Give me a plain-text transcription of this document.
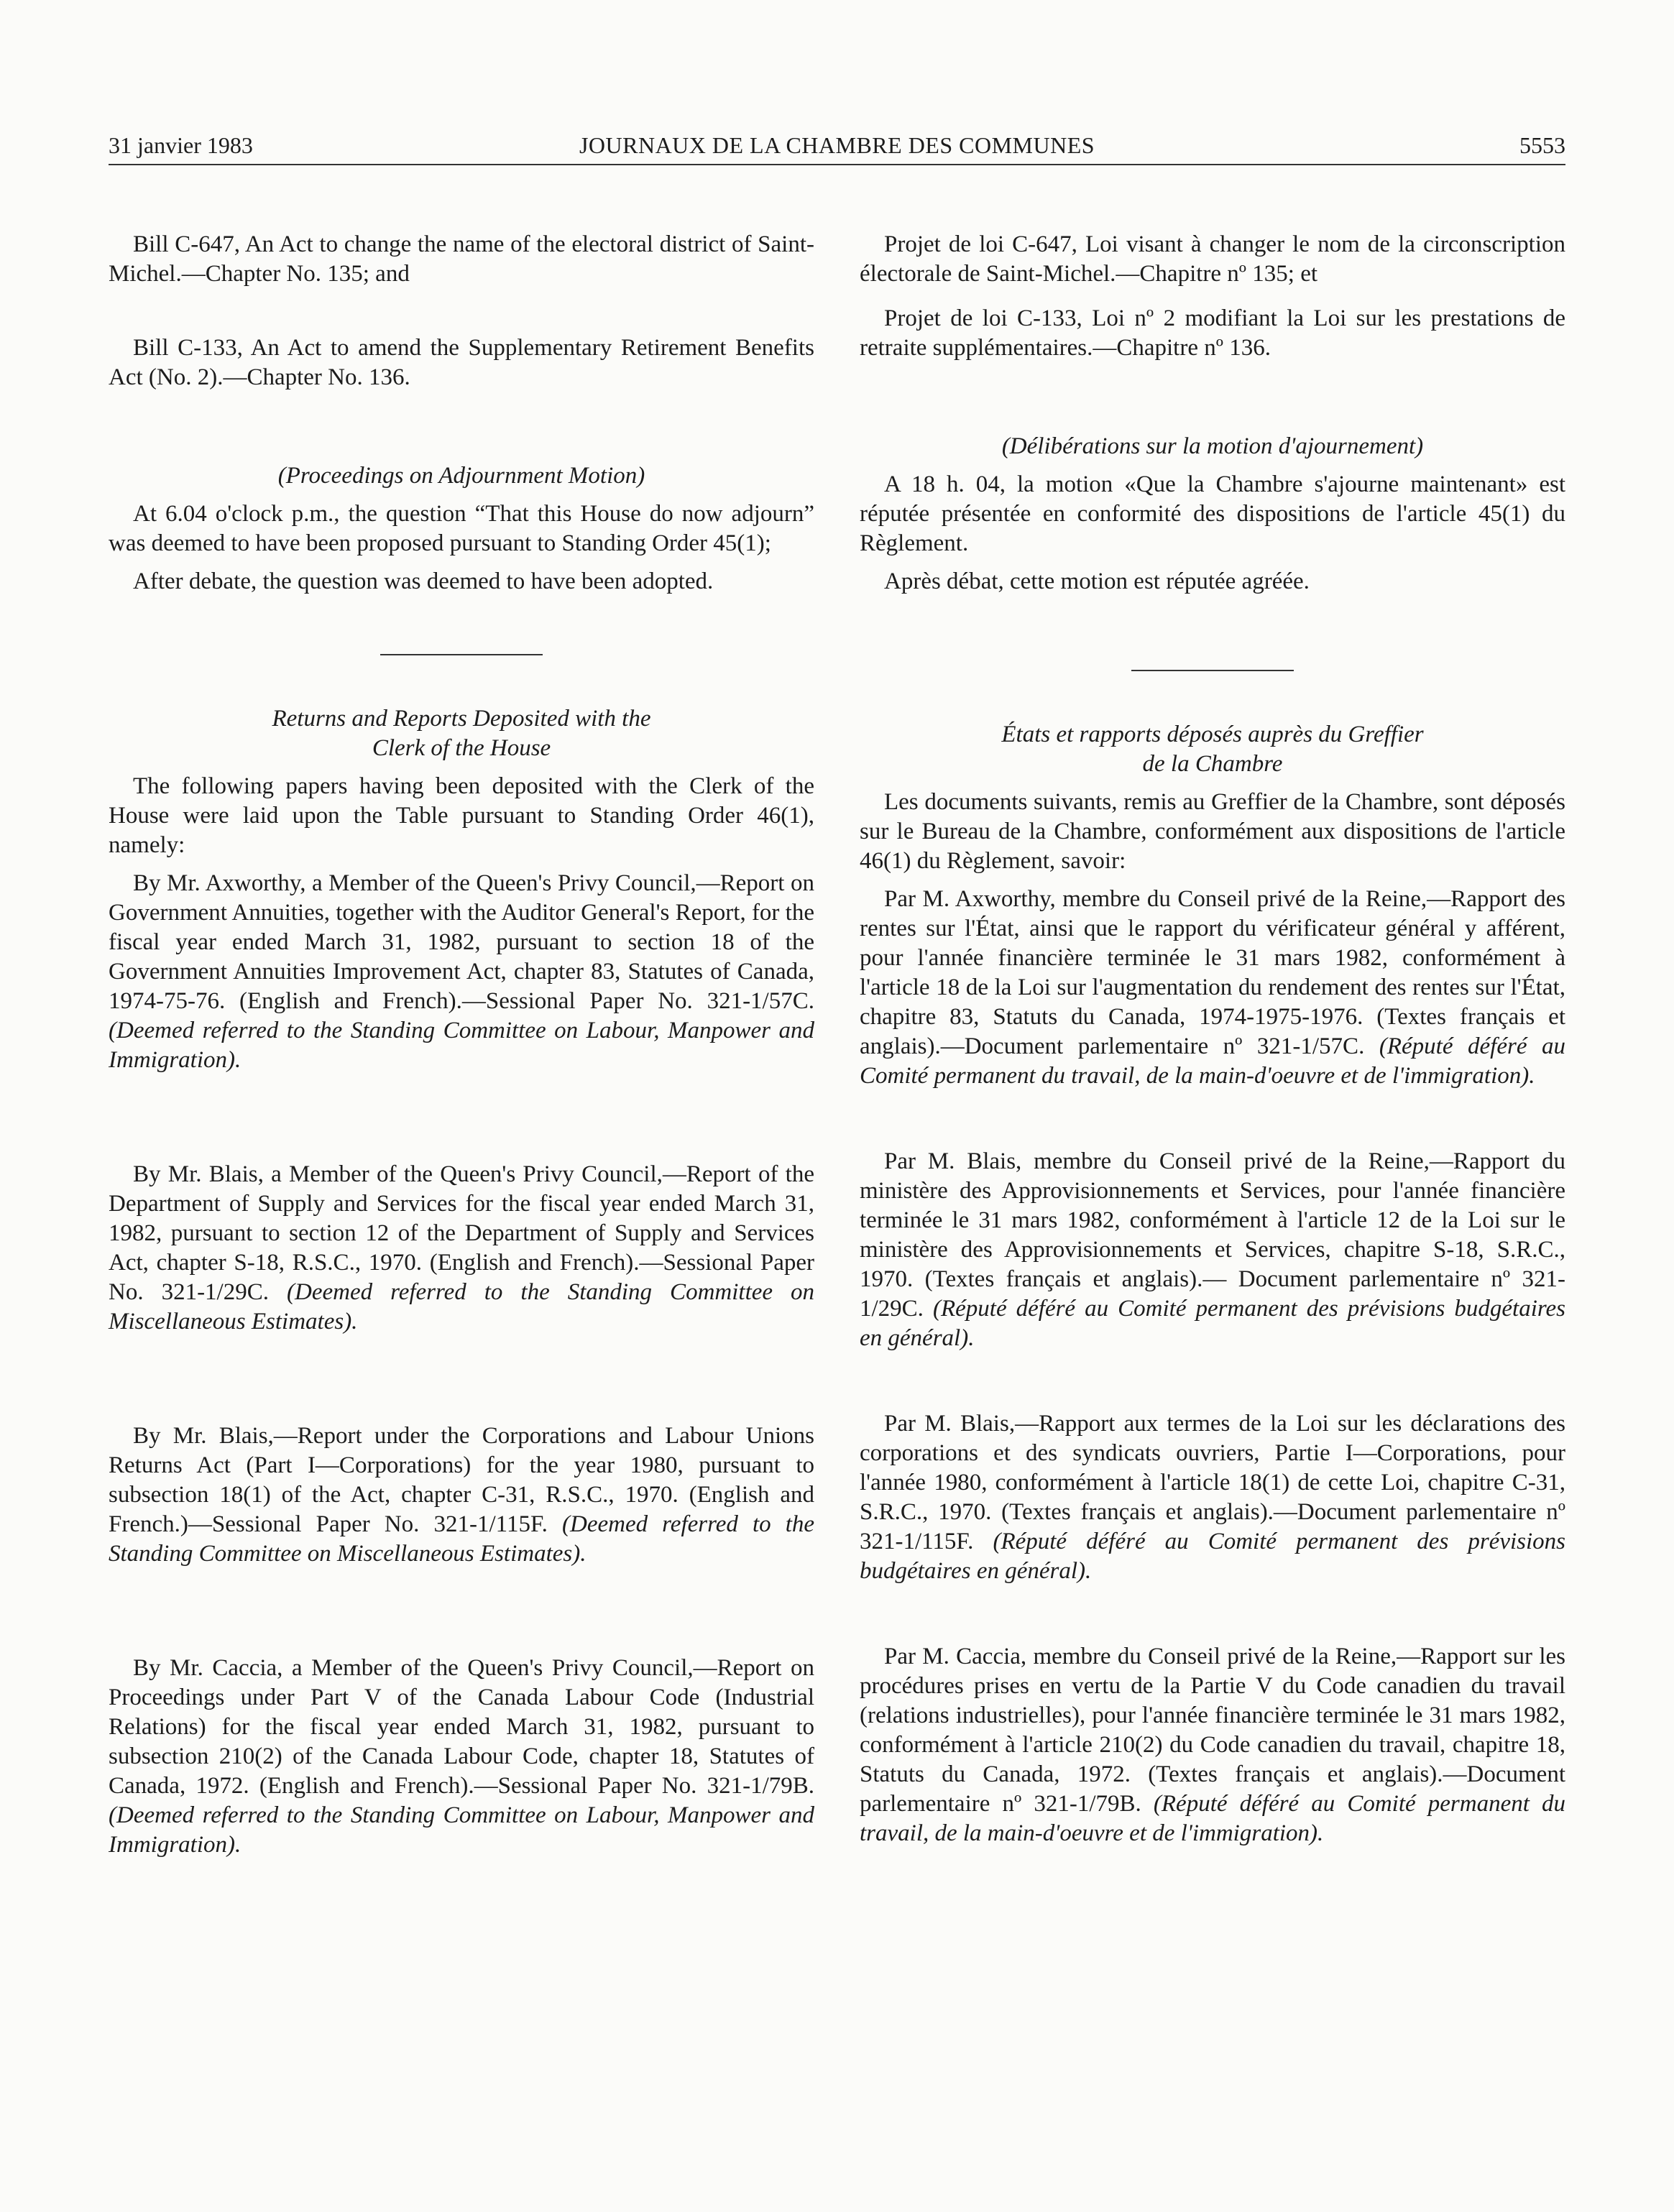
31 janvier 1983	JOURNAUX DE LA CHAMBRE DES COMMUNES	5553

Bill C-647, An Act to change the name of the electoral district of Saint-Michel.—Chapter No. 135; and

Bill C-133, An Act to amend the Supplementary Retirement Benefits Act (No. 2).—Chapter No. 136.

(Proceedings on Adjournment Motion)

At 6.04 o'clock p.m., the question “That this House do now adjourn” was deemed to have been proposed pursuant to Standing Order 45(1);

After debate, the question was deemed to have been adopted.

Returns and Reports Deposited with the

Clerk of the House

The following papers having been deposited with the Clerk of the House were laid upon the Table pursuant to Standing Order 46(1), namely:

By Mr. Axworthy, a Member of the Queen's Privy Council,—Report on Government Annuities, together with the Auditor General's Report, for the fiscal year ended March 31, 1982, pursuant to section 18 of the Government Annuities Improvement Act, chapter 83, Statutes of Canada, 1974-75-76. (English and French).—Sessional Paper No. 321-1/57C. (Deemed referred to the Standing Committee on Labour, Manpower and Immigration).

By Mr. Blais, a Member of the Queen's Privy Council,—Report of the Department of Supply and Services for the fiscal year ended March 31, 1982, pursuant to section 12 of the Department of Supply and Services Act, chapter S-18, R.S.C., 1970. (English and French).—Sessional Paper No. 321-1/29C. (Deemed referred to the Standing Committee on Miscellaneous Estimates).

By Mr. Blais,—Report under the Corporations and Labour Unions Returns Act (Part I—Corporations) for the year 1980, pursuant to subsection 18(1) of the Act, chapter C-31, R.S.C., 1970. (English and French.)—Sessional Paper No. 321-1/115F. (Deemed referred to the Standing Committee on Miscellaneous Estimates).

By Mr. Caccia, a Member of the Queen's Privy Council,—Report on Proceedings under Part V of the Canada Labour Code (Industrial Relations) for the fiscal year ended March 31, 1982, pursuant to subsection 210(2) of the Canada Labour Code, chapter 18, Statutes of Canada, 1972. (English and French).—Sessional Paper No. 321-1/79B. (Deemed referred to the Standing Committee on Labour, Manpower and Immigration).

Projet de loi C-647, Loi visant à changer le nom de la circonscription électorale de Saint-Michel.—Chapitre nº 135; et

Projet de loi C-133, Loi nº 2 modifiant la Loi sur les prestations de retraite supplémentaires.—Chapitre nº 136.

(Délibérations sur la motion d'ajournement)

A 18 h. 04, la motion «Que la Chambre s'ajourne maintenant» est réputée présentée en conformité des dispositions de l'article 45(1) du Règlement.

Après débat, cette motion est réputée agréée.

États et rapports déposés auprès du Greffier

de la Chambre

Les documents suivants, remis au Greffier de la Chambre, sont déposés sur le Bureau de la Chambre, conformément aux dispositions de l'article 46(1) du Règlement, savoir:

Par M. Axworthy, membre du Conseil privé de la Reine,—Rapport des rentes sur l'État, ainsi que le rapport du vérificateur général y afférent, pour l'année financière terminée le 31 mars 1982, conformément à l'article 18 de la Loi sur l'augmentation du rendement des rentes sur l'État, chapitre 83, Statuts du Canada, 1974-1975-1976. (Textes français et anglais).—Document parlementaire nº 321-1/57C. (Réputé déféré au Comité permanent du travail, de la main-d'oeuvre et de l'immigration).

Par M. Blais, membre du Conseil privé de la Reine,—Rapport du ministère des Approvisionnements et Services, pour l'année financière terminée le 31 mars 1982, conformément à l'article 12 de la Loi sur le ministère des Approvisionnements et Services, chapitre S-18, S.R.C., 1970. (Textes français et anglais).— Document parlementaire nº 321-1/29C. (Réputé déféré au Comité permanent des prévisions budgétaires en général).

Par M. Blais,—Rapport aux termes de la Loi sur les déclarations des corporations et des syndicats ouvriers, Partie I—Corporations, pour l'année 1980, conformément à l'article 18(1) de cette Loi, chapitre C-31, S.R.C., 1970. (Textes français et anglais).—Document parlementaire nº 321-1/115F. (Réputé déféré au Comité permanent des prévisions budgétaires en général).

Par M. Caccia, membre du Conseil privé de la Reine,—Rapport sur les procédures prises en vertu de la Partie V du Code canadien du travail (relations industrielles), pour l'année financière terminée le 31 mars 1982, conformément à l'article 210(2) du Code canadien du travail, chapitre 18, Statuts du Canada, 1972. (Textes français et anglais).—Document parlementaire nº 321-1/79B. (Réputé déféré au Comité permanent du travail, de la main-d'oeuvre et de l'immigration).
